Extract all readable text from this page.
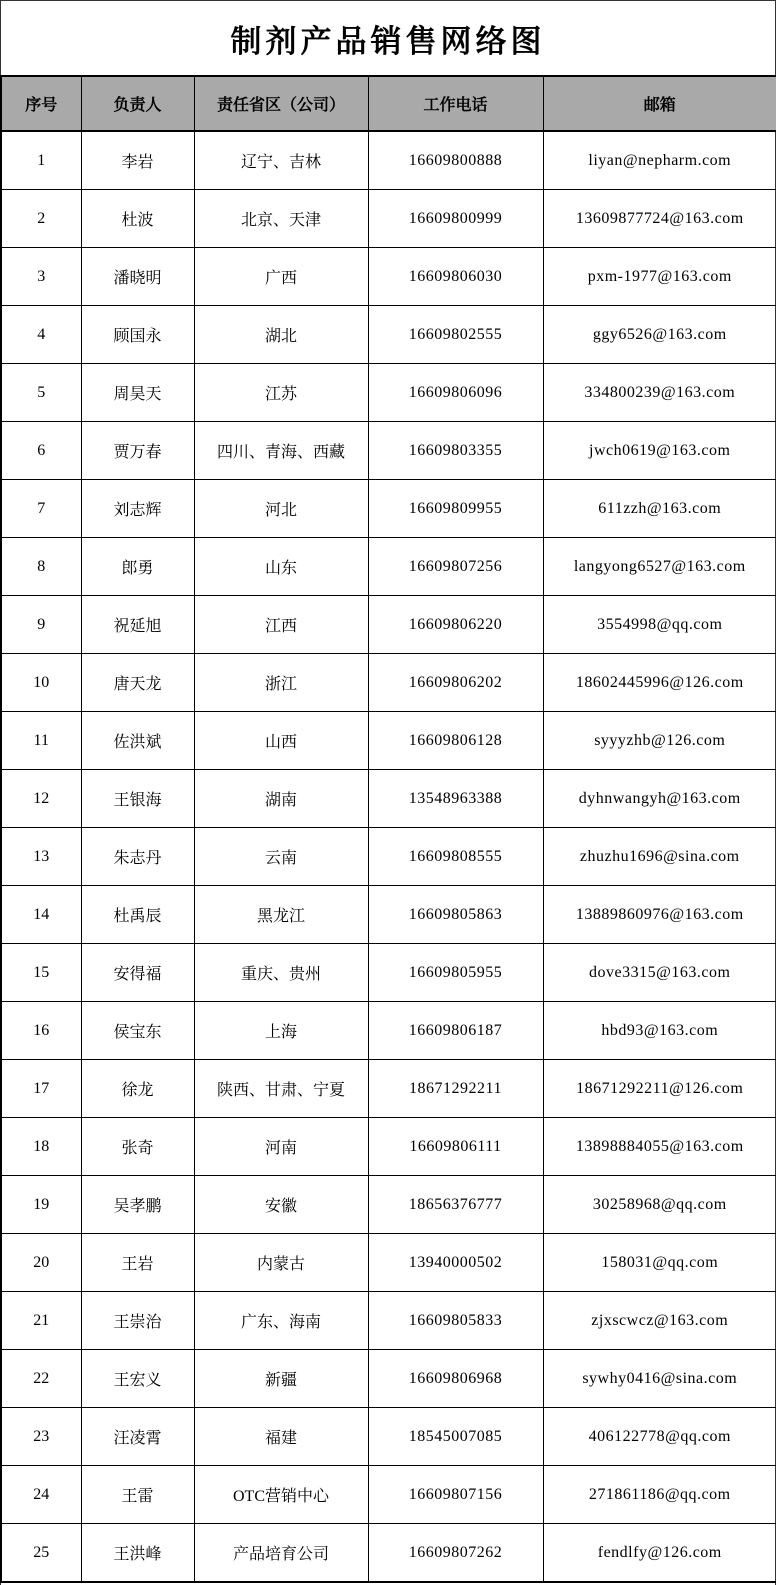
制剂产品销售网络图
序号	负责人	责任省区（公司）	工作电话	邮箱
1	李岩	辽宁、吉林	16609800888	liyan@nepharm.com
2	杜波	北京、天津	16609800999	13609877724@163.com
3	潘晓明	广西	16609806030	pxm-1977@163.com
4	顾国永	湖北	16609802555	ggy6526@163.com
5	周昊天	江苏	16609806096	334800239@163.com
6	贾万春	四川、青海、西藏	16609803355	jwch0619@163.com
7	刘志辉	河北	16609809955	611zzh@163.com
8	郎勇	山东	16609807256	langyong6527@163.com
9	祝延旭	江西	16609806220	3554998@qq.com
10	唐天龙	浙江	16609806202	18602445996@126.com
11	佐洪斌	山西	16609806128	syyyzhb@126.com
12	王银海	湖南	13548963388	dyhnwangyh@163.com
13	朱志丹	云南	16609808555	zhuzhu1696@sina.com
14	杜禹辰	黑龙江	16609805863	13889860976@163.com
15	安得福	重庆、贵州	16609805955	dove3315@163.com
16	侯宝东	上海	16609806187	hbd93@163.com
17	徐龙	陕西、甘肃、宁夏	18671292211	18671292211@126.com
18	张奇	河南	16609806111	13898884055@163.com
19	吴孝鹏	安徽	18656376777	30258968@qq.com
20	王岩	内蒙古	13940000502	158031@qq.com
21	王崇治	广东、海南	16609805833	zjxscwcz@163.com
22	王宏义	新疆	16609806968	sywhy0416@sina.com
23	汪凌霄	福建	18545007085	406122778@qq.com
24	王雷	OTC营销中心	16609807156	271861186@qq.com
25	王洪峰	产品培育公司	16609807262	fendlfy@126.com
